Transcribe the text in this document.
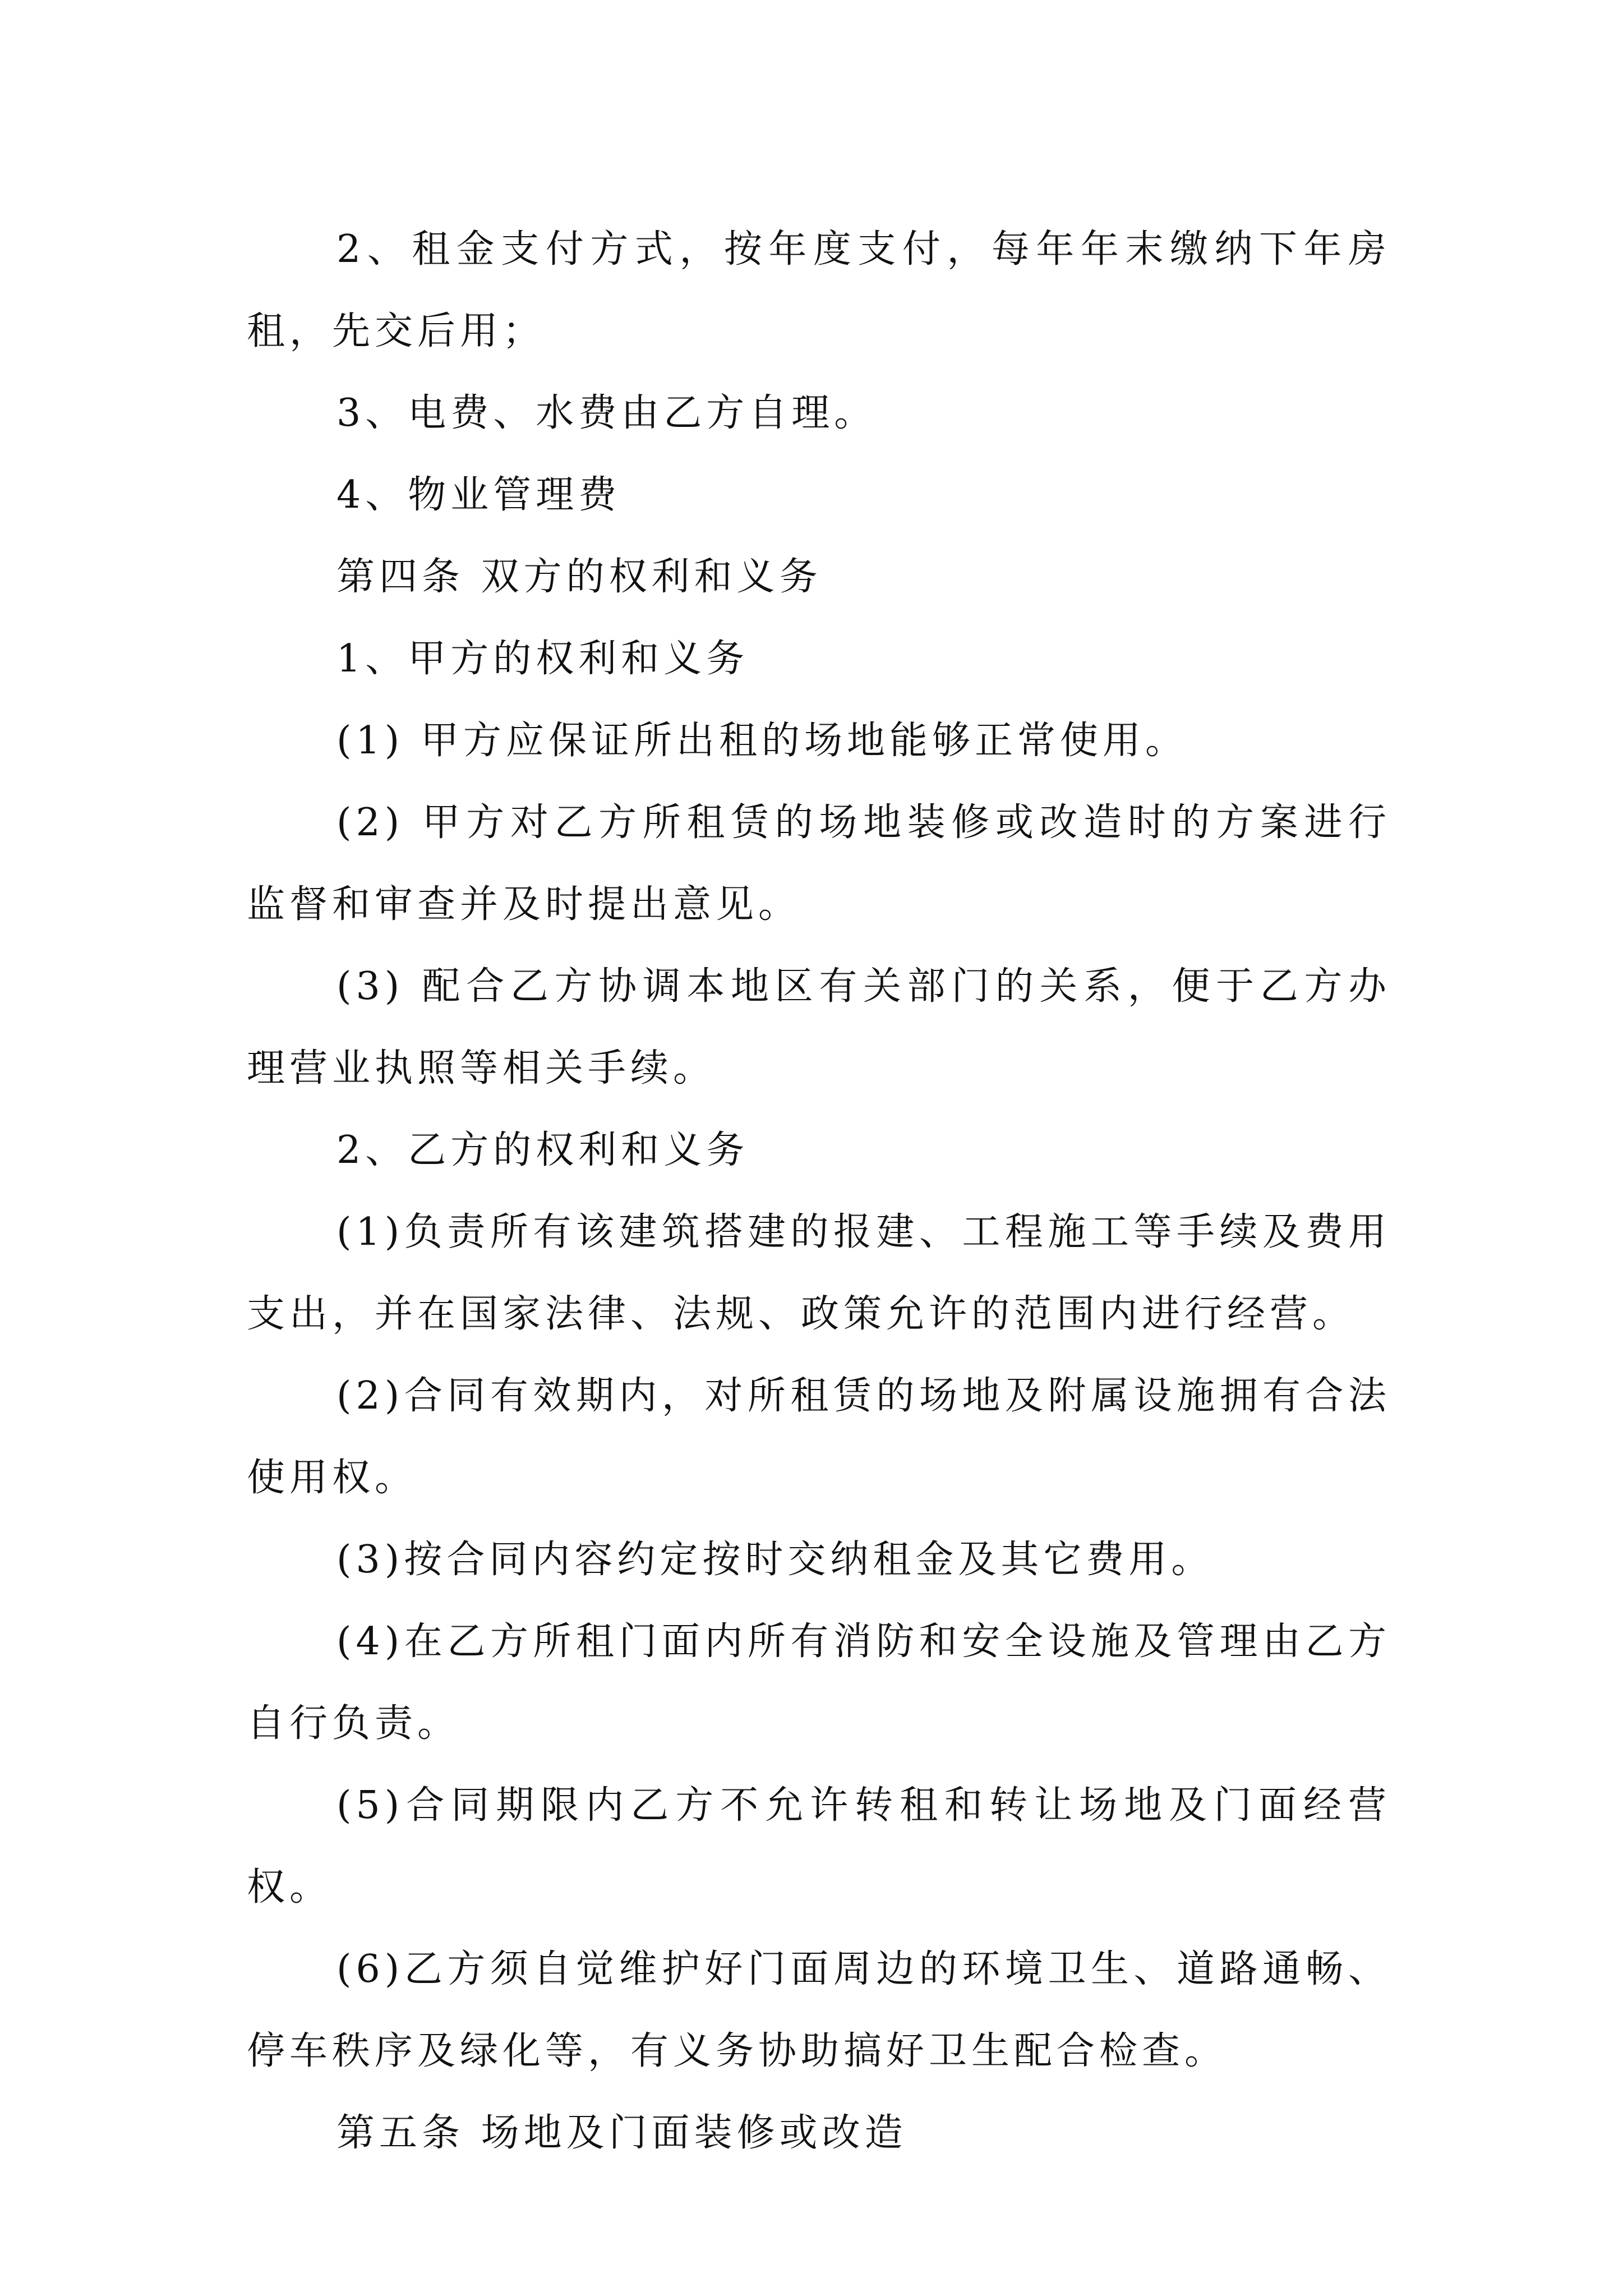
2、租金支付方式，按年度支付，每年年末缴纳下年房租，先交后用；

3、电费、水费由乙方自理。

4、物业管理费

第四条 双方的权利和义务

1、甲方的权利和义务

(1) 甲方应保证所出租的场地能够正常使用。

(2) 甲方对乙方所租赁的场地装修或改造时的方案进行监督和审查并及时提出意见。

(3) 配合乙方协调本地区有关部门的关系，便于乙方办理营业执照等相关手续。

2、乙方的权利和义务

(1)负责所有该建筑搭建的报建、工程施工等手续及费用支出，并在国家法律、法规、政策允许的范围内进行经营。

(2)合同有效期内，对所租赁的场地及附属设施拥有合法使用权。

(3)按合同内容约定按时交纳租金及其它费用。

(4)在乙方所租门面内所有消防和安全设施及管理由乙方自行负责。

(5)合同期限内乙方不允许转租和转让场地及门面经营权。

(6)乙方须自觉维护好门面周边的环境卫生、道路通畅、停车秩序及绿化等，有义务协助搞好卫生配合检查。

第五条 场地及门面装修或改造
